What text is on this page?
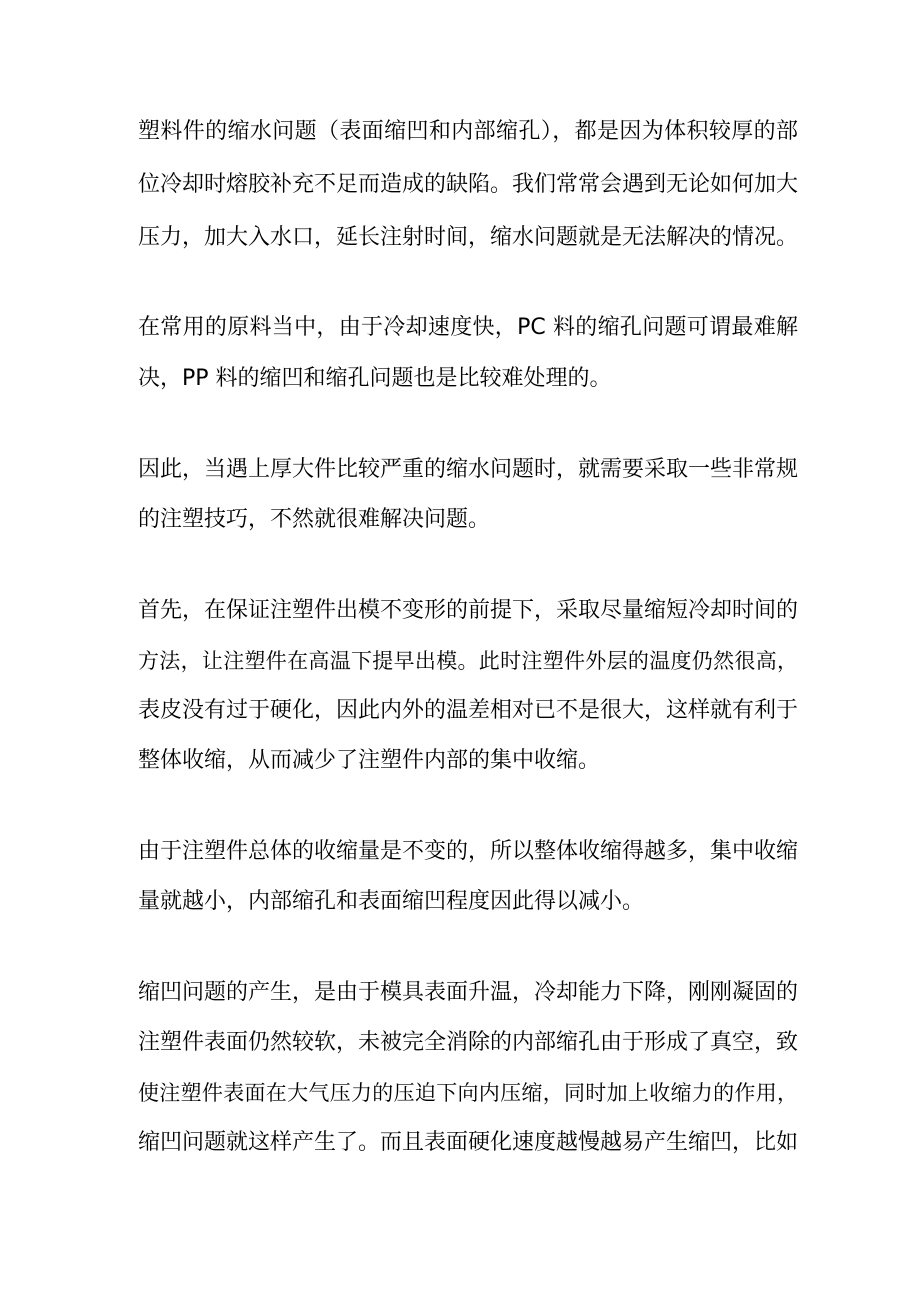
塑料件的缩水问题（表面缩凹和内部缩孔），都是因为体积较厚的部
位冷却时熔胶补充不足而造成的缺陷。我们常常会遇到无论如何加大
压力，加大入水口，延长注射时间，缩水问题就是无法解决的情况。
在常用的原料当中，由于冷却速度快，PC 料的缩孔问题可谓最难解
决，PP 料的缩凹和缩孔问题也是比较难处理的。
因此，当遇上厚大件比较严重的缩水问题时，就需要采取一些非常规
的注塑技巧，不然就很难解决问题。
首先，在保证注塑件出模不变形的前提下，采取尽量缩短冷却时间的
方法，让注塑件在高温下提早出模。此时注塑件外层的温度仍然很高，
表皮没有过于硬化，因此内外的温差相对已不是很大，这样就有利于
整体收缩，从而减少了注塑件内部的集中收缩。
由于注塑件总体的收缩量是不变的，所以整体收缩得越多，集中收缩
量就越小，内部缩孔和表面缩凹程度因此得以减小。
缩凹问题的产生，是由于模具表面升温，冷却能力下降，刚刚凝固的
注塑件表面仍然较软，未被完全消除的内部缩孔由于形成了真空，致
使注塑件表面在大气压力的压迫下向内压缩，同时加上收缩力的作用，
缩凹问题就这样产生了。而且表面硬化速度越慢越易产生缩凹，比如
